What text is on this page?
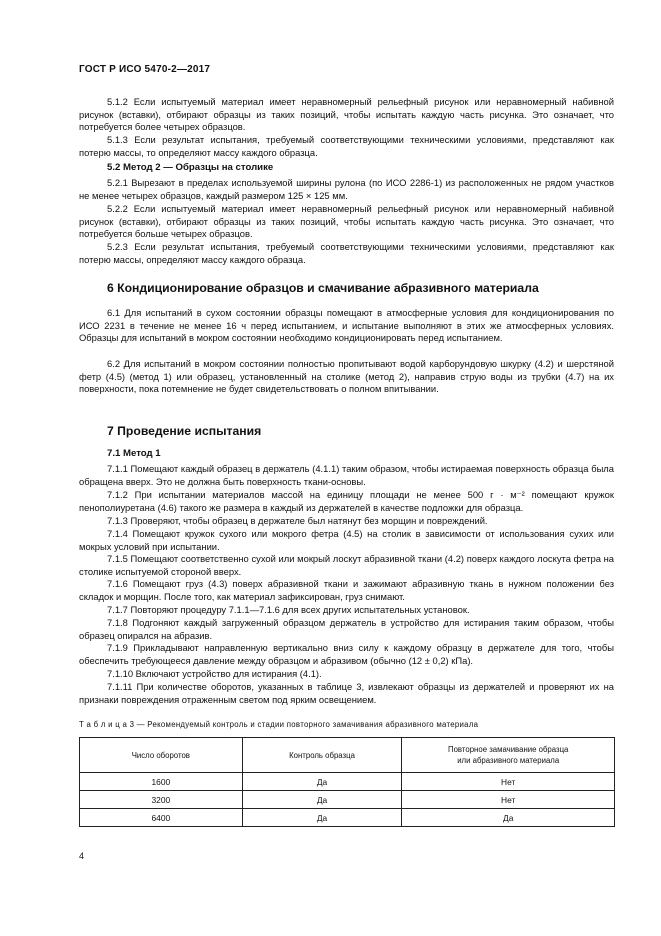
ГОСТ Р ИСО 5470-2—2017
5.1.2 Если испытуемый материал имеет неравномерный рельефный рисунок или неравномерный набивной рисунок (вставки), отбирают образцы из таких позиций, чтобы испытать каждую часть рисунка. Это означает, что потребуется более четырех образцов.
5.1.3 Если результат испытания, требуемый соответствующими техническими условиями, представляют как потерю массы, то определяют массу каждого образца.
5.2 Метод 2 — Образцы на столике
5.2.1 Вырезают в пределах используемой ширины рулона (по ИСО 2286-1) из расположенных не рядом участков не менее четырех образцов, каждый размером 125 × 125 мм.
5.2.2 Если испытуемый материал имеет неравномерный рельефный рисунок или неравномерный набивной рисунок (вставки), отбирают образцы из таких позиций, чтобы испытать каждую часть рисунка. Это означает, что потребуется больше четырех образцов.
5.2.3 Если результат испытания, требуемый соответствующими техническими условиями, представляют как потерю массы, определяют массу каждого образца.
6 Кондиционирование образцов и смачивание абразивного материала
6.1 Для испытаний в сухом состоянии образцы помещают в атмосферные условия для кондиционирования по ИСО 2231 в течение не менее 16 ч перед испытанием, и испытание выполняют в этих же атмосферных условиях. Образцы для испытаний в мокром состоянии необходимо кондиционировать перед испытанием.
6.2 Для испытаний в мокром состоянии полностью пропитывают водой карборундовую шкурку (4.2) и шерстяной фетр (4.5) (метод 1) или образец, установленный на столике (метод 2), направив струю воды из трубки (4.7) на их поверхности, пока потемнение не будет свидетельствовать о полном впитывании.
7 Проведение испытания
7.1 Метод 1
7.1.1 Помещают каждый образец в держатель (4.1.1) таким образом, чтобы истираемая поверхность образца была обращена вверх. Это не должна быть поверхность ткани-основы.
7.1.2 При испытании материалов массой на единицу площади не менее 500 г · м⁻² помещают кружок пенополиуретана (4.6) такого же размера в каждый из держателей в качестве подложки для образца.
7.1.3 Проверяют, чтобы образец в держателе был натянут без морщин и повреждений.
7.1.4 Помещают кружок сухого или мокрого фетра (4.5) на столик в зависимости от использования сухих или мокрых условий при испытании.
7.1.5 Помещают соответственно сухой или мокрый лоскут абразивной ткани (4.2) поверх каждого лоскута фетра на столике испытуемой стороной вверх.
7.1.6 Помещают груз (4.3) поверх абразивной ткани и зажимают абразивную ткань в нужном положении без складок и морщин. После того, как материал зафиксирован, груз снимают.
7.1.7 Повторяют процедуру 7.1.1—7.1.6 для всех других испытательных установок.
7.1.8 Подгоняют каждый загруженный образцом держатель в устройство для истирания таким образом, чтобы образец опирался на абразив.
7.1.9 Прикладывают направленную вертикально вниз силу к каждому образцу в держателе для того, чтобы обеспечить требующееся давление между образцом и абразивом (обычно (12 ± 0,2) кПа).
7.1.10 Включают устройство для истирания (4.1).
7.1.11 При количестве оборотов, указанных в таблице 3, извлекают образцы из держателей и проверяют их на признаки повреждения отраженным светом под ярким освещением.
Т а б л и ц а 3 — Рекомендуемый контроль и стадии повторного замачивания абразивного материала
Число оборотов	Контроль образца	Повторное замачивание образца
или абразивного материала
1600	Да	Нет
3200	Да	Нет
6400	Да	Да
4
